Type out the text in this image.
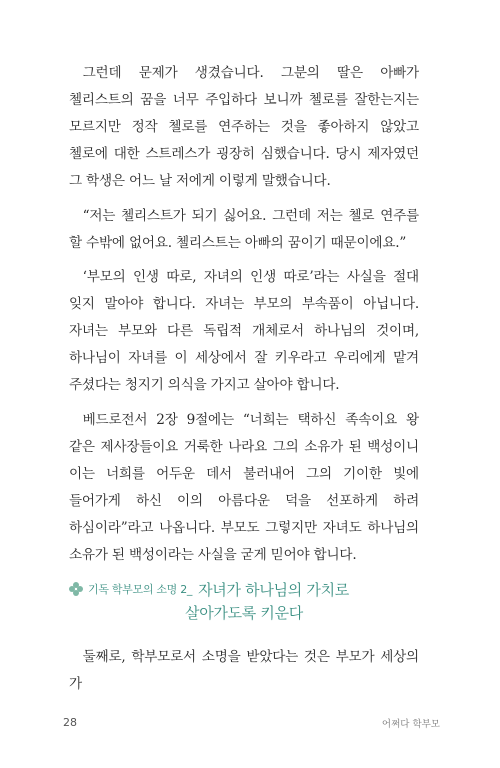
그런데 문제가 생겼습니다. 그분의 딸은 아빠가 첼리스트의 꿈을 너무 주입하다 보니까 첼로를 잘한는지는 모르지만 정작 첼로를 연주하는 것을 좋아하지 않았고 첼로에 대한 스트레스가 굉장히 심했습니다. 당시 제자였던 그 학생은 어느 날 저에게 이렇게 말했습니다.

“저는 첼리스트가 되기 싫어요. 그런데 저는 첼로 연주를 할 수밖에 없어요. 첼리스트는 아빠의 꿈이기 때문이에요.”

‘부모의 인생 따로, 자녀의 인생 따로’라는 사실을 절대 잊지 말아야 합니다. 자녀는 부모의 부속품이 아닙니다. 자녀는 부모와 다른 독립적 개체로서 하나님의 것이며, 하나님이 자녀를 이 세상에서 잘 키우라고 우리에게 맡겨 주셨다는 청지기 의식을 가지고 살아야 합니다.

베드로전서 2장 9절에는 “너희는 택하신 족속이요 왕 같은 제사장들이요 거룩한 나라요 그의 소유가 된 백성이니 이는 너희를 어두운 데서 불러내어 그의 기이한 빛에 들어가게 하신 이의 아름다운 덕을 선포하게 하려 하심이라”라고 나옵니다. 부모도 그렇지만 자녀도 하나님의 소유가 된 백성이라는 사실을 굳게 믿어야 합니다.

기독 학부모의 소명 2_ 자녀가 하나님의 가치로
살아가도록 키운다

둘째로, 학부모로서 소명을 받았다는 것은 부모가 세상의 가

28	어쩌다 학부모
